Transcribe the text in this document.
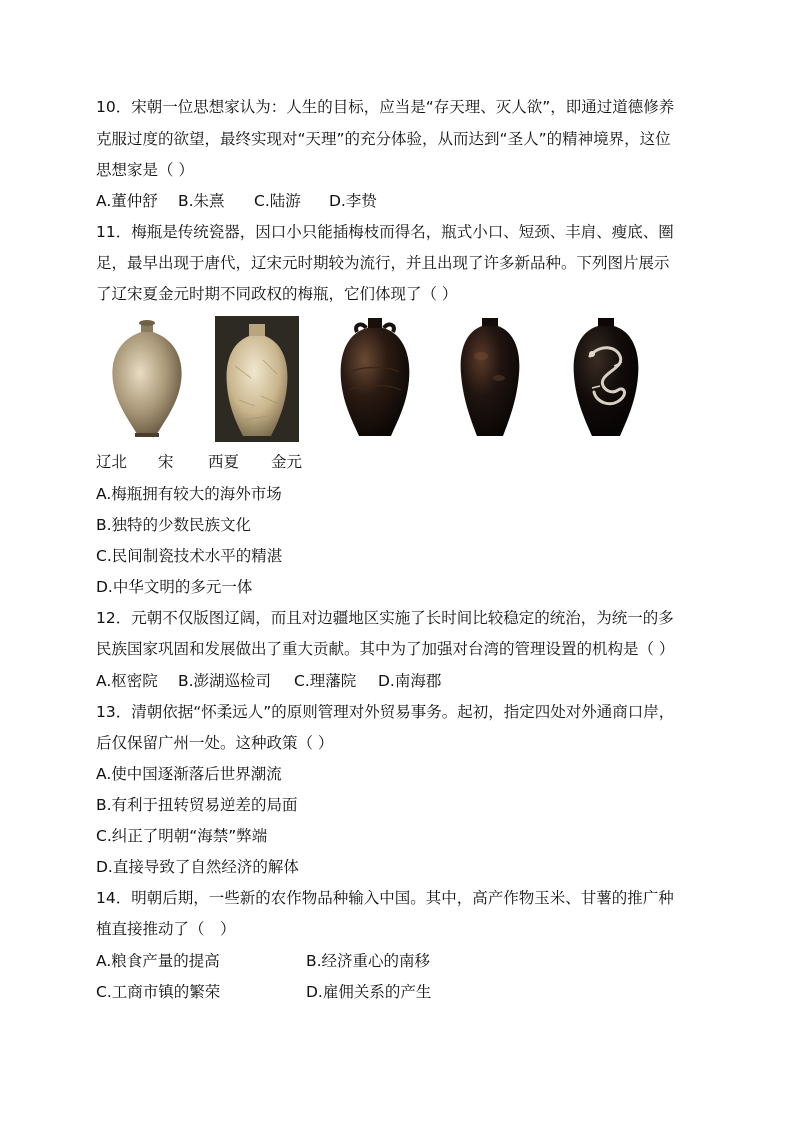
10．宋朝一位思想家认为：人生的目标，应当是“存天理、灭人欲”，即通过道德修养
克服过度的欲望，最终实现对“天理”的充分体验，从而达到“圣人”的精神境界，这位
思想家是（ ）
A.董仲舒 B.朱熹 C.陆游 D.李贽
11．梅瓶是传统瓷器，因口小只能插梅枝而得名，瓶式小口、短颈、丰肩、瘦底、圈
足，最早出现于唐代，辽宋元时期较为流行，并且出现了许多新品种。下列图片展示
了辽宋夏金元时期不同政权的梅瓶，它们体现了（ ）
辽北 宋 西夏 金元
A.梅瓶拥有较大的海外市场
B.独特的少数民族文化
C.民间制瓷技术水平的精湛
D.中华文明的多元一体
12．元朝不仅版图辽阔，而且对边疆地区实施了长时间比较稳定的统治，为统一的多
民族国家巩固和发展做出了重大贡献。其中为了加强对台湾的管理设置的机构是（ ）
A.枢密院 B.澎湖巡检司 C.理藩院 D.南海郡
13．清朝依据“怀柔远人”的原则管理对外贸易事务。起初，指定四处对外通商口岸，
后仅保留广州一处。这种政策（ ）
A.使中国逐渐落后世界潮流
B.有利于扭转贸易逆差的局面
C.纠正了明朝“海禁”弊端
D.直接导致了自然经济的解体
14．明朝后期，一些新的农作物品种输入中国。其中，高产作物玉米、甘薯的推广种
植直接推动了（　）
A.粮食产量的提高	B.经济重心的南移
C.工商市镇的繁荣	D.雇佣关系的产生
